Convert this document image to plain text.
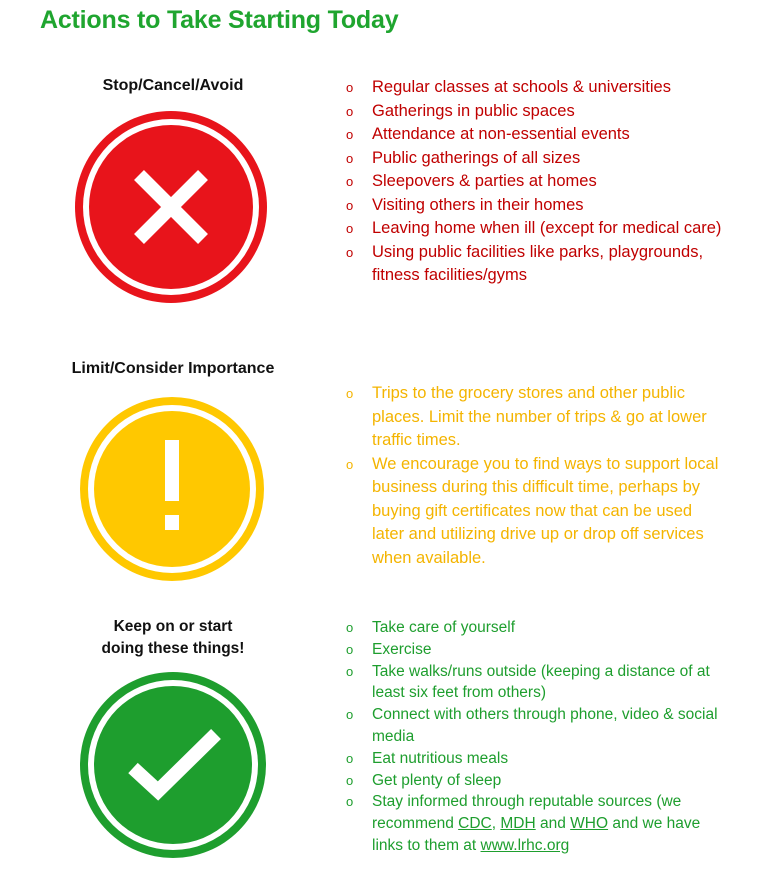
Actions to Take Starting Today
Stop/Cancel/Avoid	o Regular classes at schools & universities
o Gatherings in public spaces
o Attendance at non-essential events
o Public gatherings of all sizes
o Sleepovers & parties at homes
o Visiting others in their homes
o Leaving home when ill (except for medical care)
o Using public facilities like parks, playgrounds, fitness facilities/gyms
Limit/Consider Importance
o Trips to the grocery stores and other public places. Limit the number of trips & go at lower traffic times.
o We encourage you to find ways to support local business during this difficult time, perhaps by buying gift certificates now that can be used later and utilizing drive up or drop off services when available.
Keep on or start
doing these things!
o Take care of yourself
o Exercise
o Take walks/runs outside (keeping a distance of at least six feet from others)
o Connect with others through phone, video & social media
o Eat nutritious meals
o Get plenty of sleep
o Stay informed through reputable sources (we recommend CDC, MDH and WHO and we have links to them at www.lrhc.org
